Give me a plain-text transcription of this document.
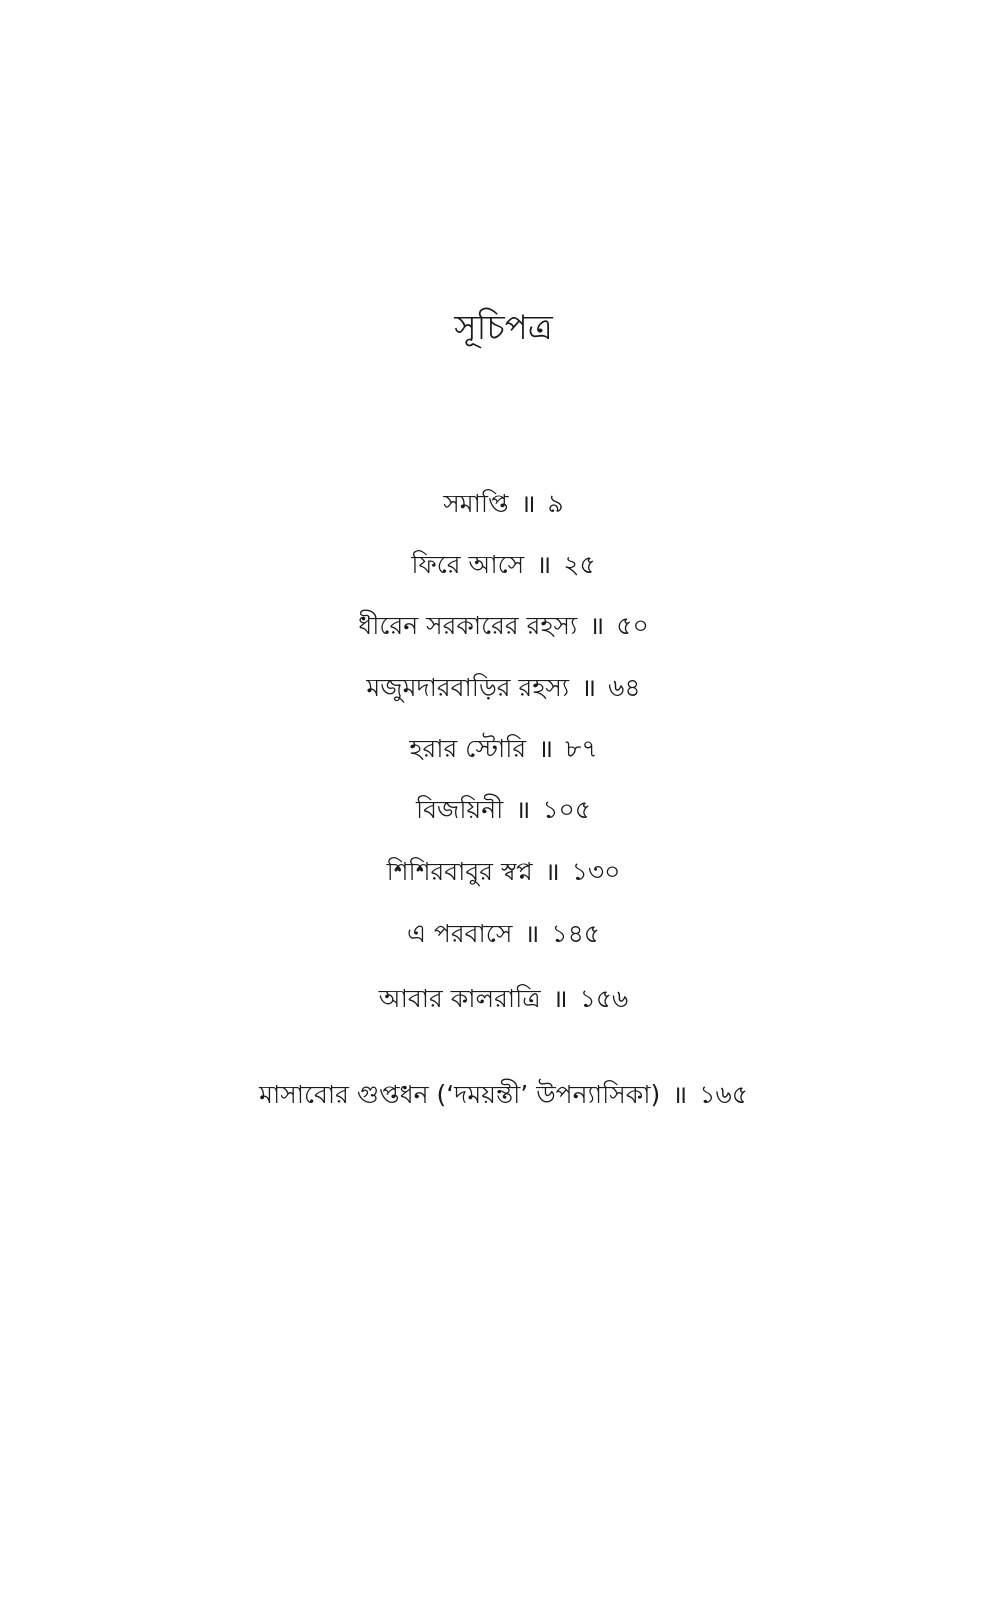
সূচিপত্র
সমাপ্তি ॥ ৯
ফিরে আসে ॥ ২৫
ধীরেন সরকারের রহস্য ॥ ৫০
মজুমদারবাড়ির রহস্য ॥ ৬৪
হরার স্টোরি ॥ ৮৭
বিজয়িনী ॥ ১০৫
শিশিরবাবুর স্বপ্ন ॥ ১৩০
এ পরবাসে ॥ ১৪৫
আবার কালরাত্রি ॥ ১৫৬
মাসাবোর গুপ্তধন (‘দময়ন্তী’ উপন্যাসিকা) ॥ ১৬৫
